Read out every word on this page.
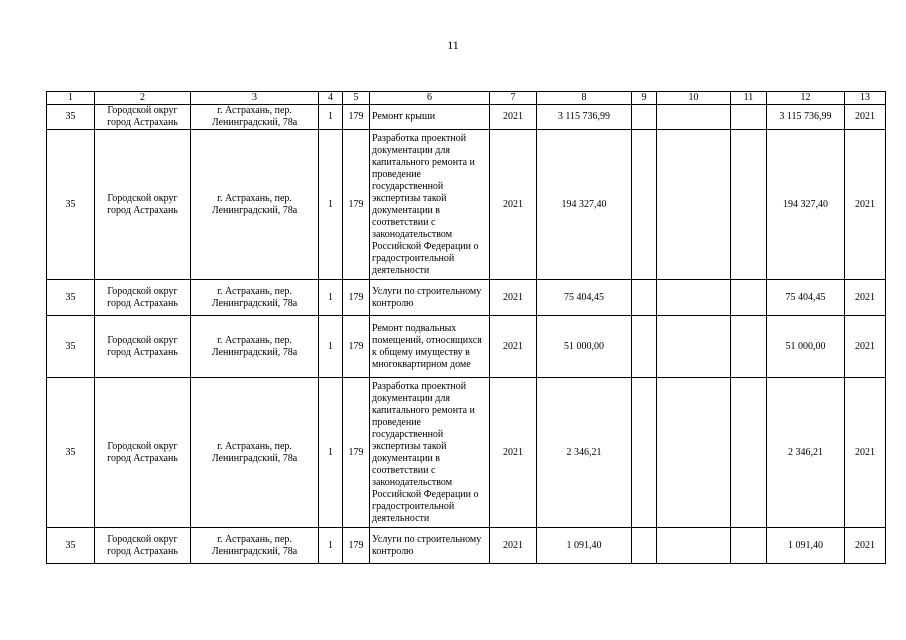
11
1	2	3	4	5	6	7	8	9	10	11	12	13
35	Городской округ город Астрахань	г. Астрахань, пер. Ленинградский, 78а	1	179	Ремонт крыши	2021	3 115 736,99				3 115 736,99	2021
35	Городской округ город Астрахань	г. Астрахань, пер. Ленинградский, 78а	1	179	Разработка проектной документации для капитального ремонта и проведение государственной экспертизы такой документации в соответствии с законодательством Российской Федерации о градостроительной деятельности	2021	194 327,40				194 327,40	2021
35	Городской округ город Астрахань	г. Астрахань, пер. Ленинградский, 78а	1	179	Услуги по строительному контролю	2021	75 404,45				75 404,45	2021
35	Городской округ город Астрахань	г. Астрахань, пер. Ленинградский, 78а	1	179	Ремонт подвальных помещений, относящихся к общему имуществу в многоквартирном доме	2021	51 000,00				51 000,00	2021
35	Городской округ город Астрахань	г. Астрахань, пер. Ленинградский, 78а	1	179	Разработка проектной документации для капитального ремонта и проведение государственной экспертизы такой документации в соответствии с законодательством Российской Федерации о градостроительной деятельности	2021	2 346,21				2 346,21	2021
35	Городской округ город Астрахань	г. Астрахань, пер. Ленинградский, 78а	1	179	Услуги по строительному контролю	2021	1 091,40				1 091,40	2021
